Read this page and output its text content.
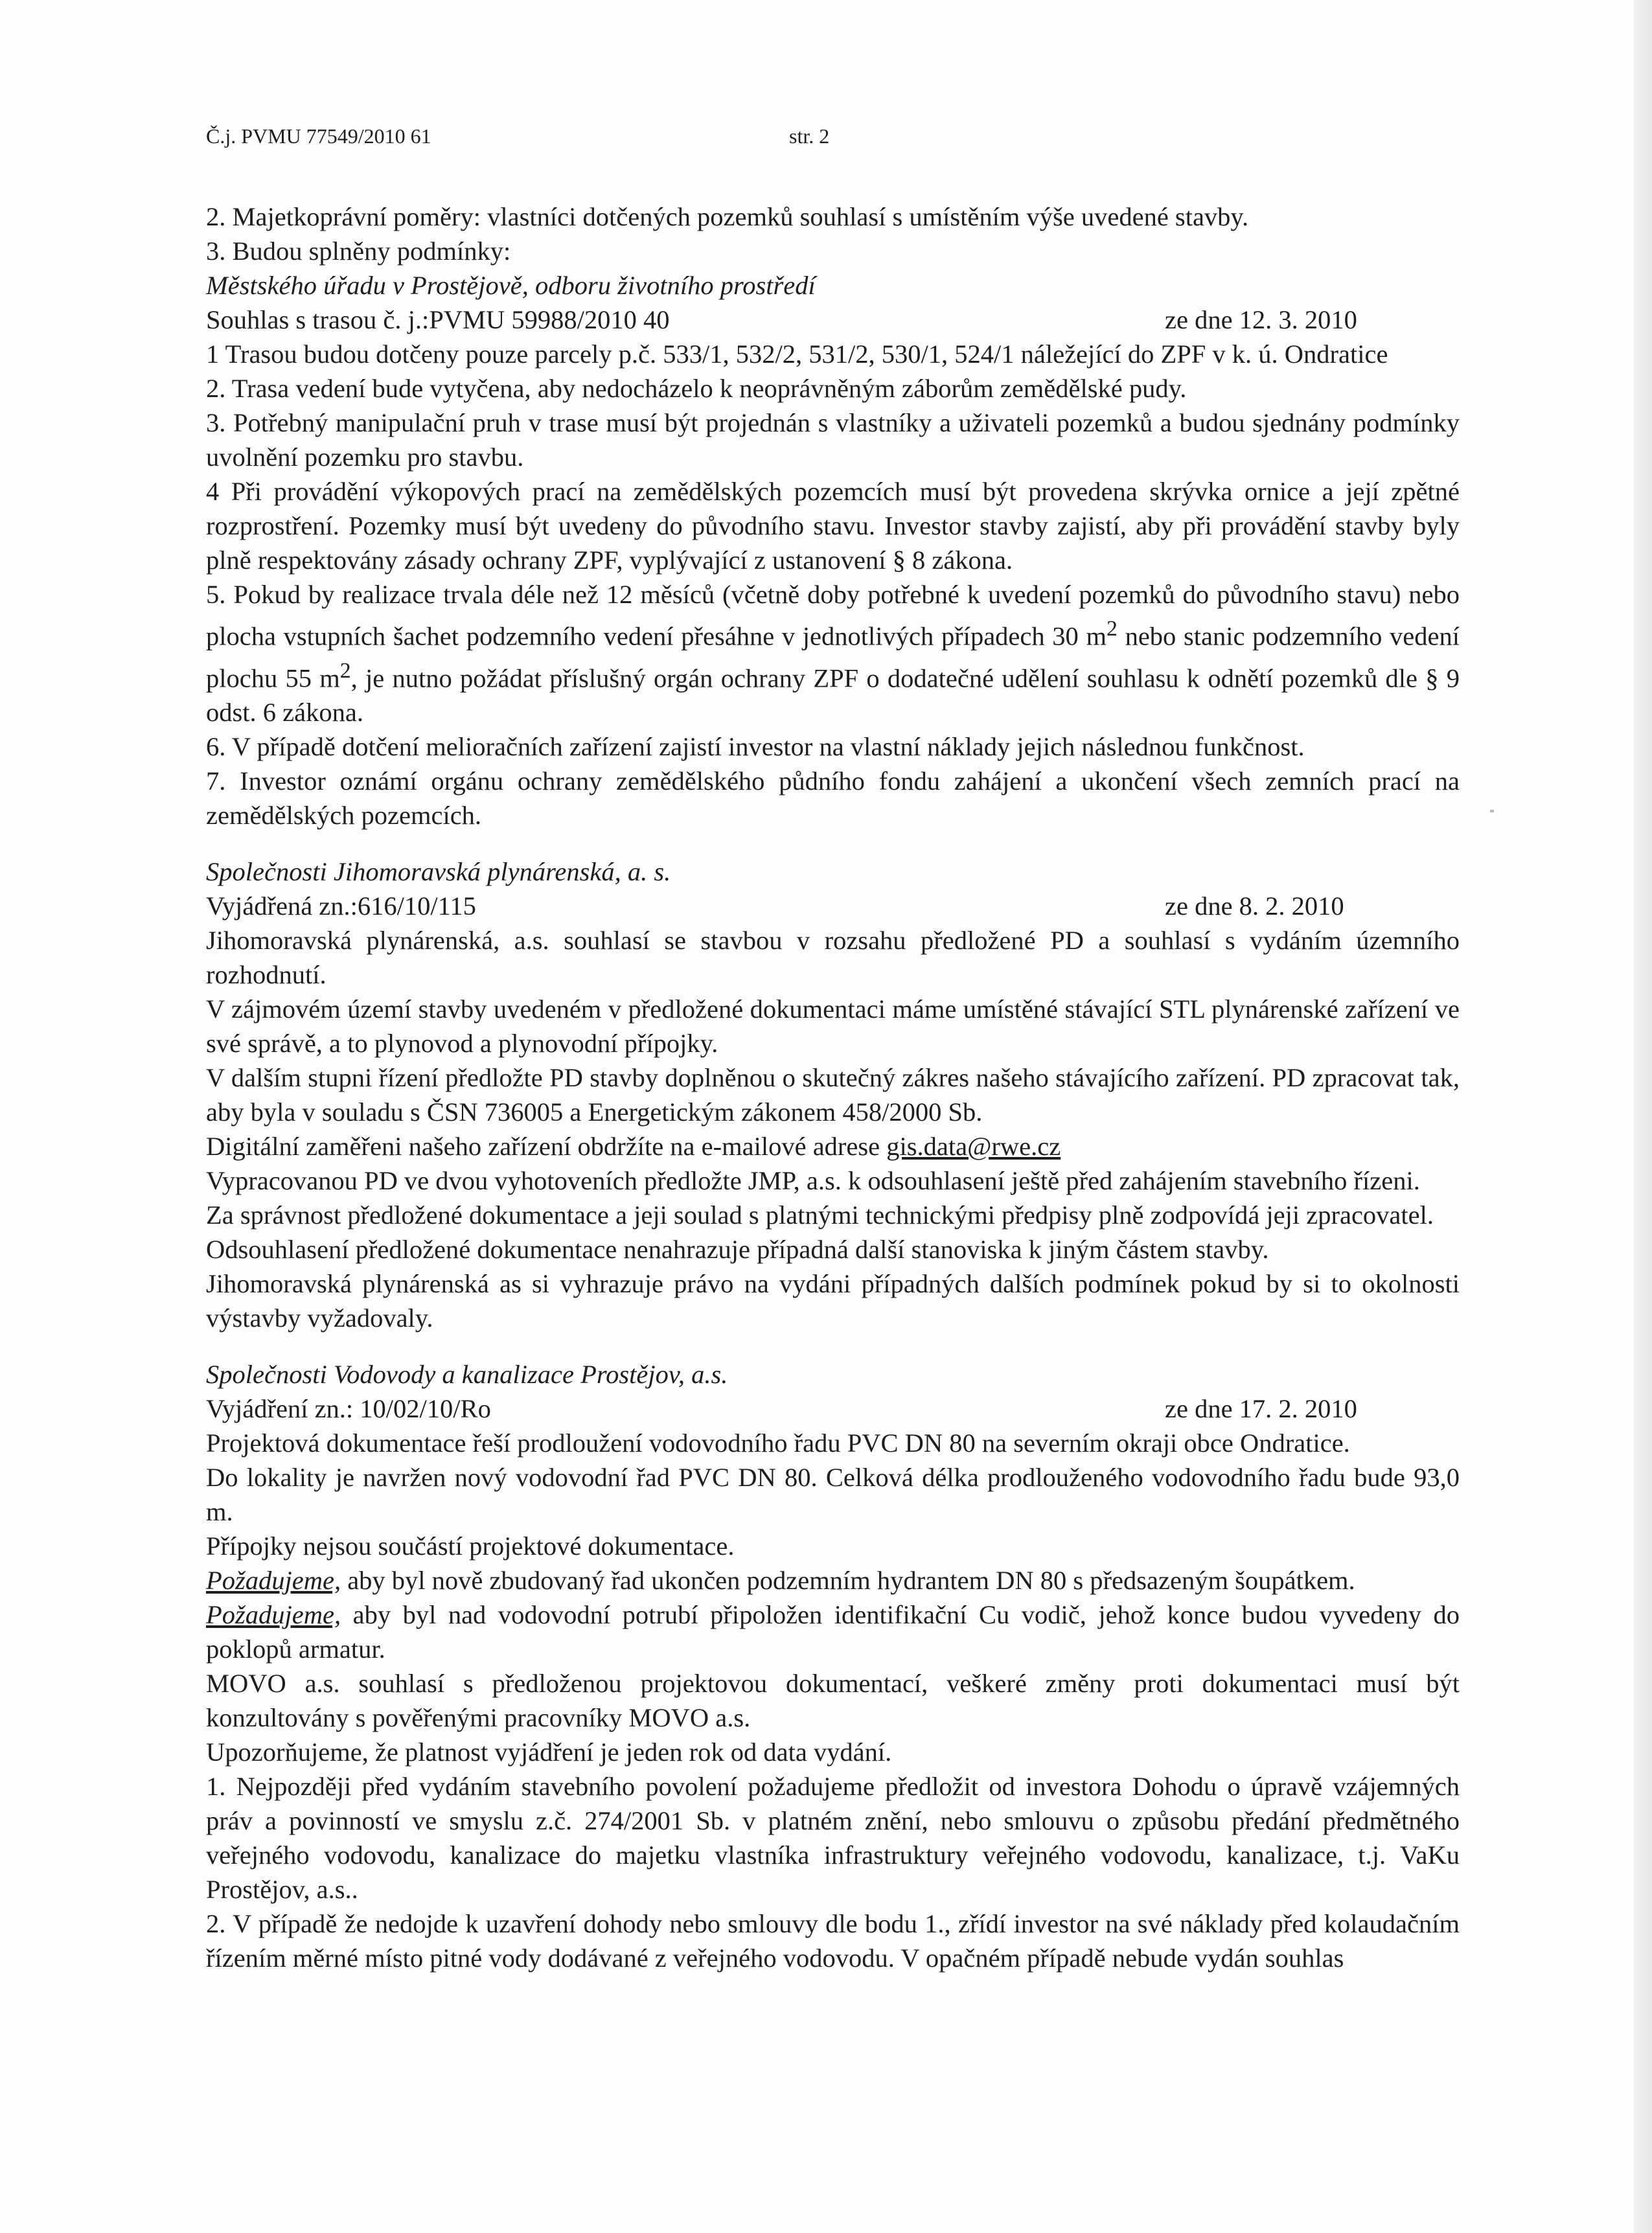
Č.j. PVMU 77549/2010 61	str. 2

2. Majetkoprávní poměry: vlastníci dotčených pozemků souhlasí s umístěním výše uvedené stavby.

3. Budou splněny podmínky:

Městského úřadu v Prostějově, odboru životního prostředí

Souhlas s trasou č. j.:PVMU 59988/2010 40	ze dne 12. 3. 2010

1 Trasou budou dotčeny pouze parcely p.č. 533/1, 532/2, 531/2, 530/1, 524/1 náležející do ZPF v k. ú. Ondratice

2. Trasa vedení bude vytyčena, aby nedocházelo k neoprávněným záborům zemědělské pudy.

3. Potřebný manipulační pruh v trase musí být projednán s vlastníky a uživateli pozemků a budou sjednány podmínky uvolnění pozemku pro stavbu.

4 Při provádění výkopových prací na zemědělských pozemcích musí být provedena skrývka ornice a její zpětné rozprostření. Pozemky musí být uvedeny do původního stavu. Investor stavby zajistí, aby při provádění stavby byly plně respektovány zásady ochrany ZPF, vyplývající z ustanovení § 8 zákona.

5. Pokud by realizace trvala déle než 12 měsíců (včetně doby potřebné k uvedení pozemků do původního stavu) nebo plocha vstupních šachet podzemního vedení přesáhne v jednotlivých případech 30 $m^2$ nebo stanic podzemního vedení plochu 55 $m^2$, je nutno požádat příslušný orgán ochrany ZPF o dodatečné udělení souhlasu k odnětí pozemků dle § 9 odst. 6 zákona.

6. V případě dotčení melioračních zařízení zajistí investor na vlastní náklady jejich následnou funkčnost.

7. Investor oznámí orgánu ochrany zemědělského půdního fondu zahájení a ukončení všech zemních prací na zemědělských pozemcích.

Společnosti Jihomoravská plynárenská, a. s.

Vyjádřená zn.:616/10/115	ze dne 8. 2. 2010

Jihomoravská plynárenská, a.s. souhlasí se stavbou v rozsahu předložené PD a souhlasí s vydáním územního rozhodnutí.

V zájmovém území stavby uvedeném v předložené dokumentaci máme umístěné stávající STL plynárenské zařízení ve své správě, a to plynovod a plynovodní přípojky.

V dalším stupni řízení předložte PD stavby doplněnou o skutečný zákres našeho stávajícího zařízení. PD zpracovat tak, aby byla v souladu s ČSN 736005 a Energetickým zákonem 458/2000 Sb.

Digitální zaměřeni našeho zařízení obdržíte na e-mailové adrese gis.data@rwe.cz

Vypracovanou PD ve dvou vyhotoveních předložte JMP, a.s. k odsouhlasení ještě před zahájením stavebního řízeni.

Za správnost předložené dokumentace a jeji soulad s platnými technickými předpisy plně zodpovídá jeji zpracovatel.

Odsouhlasení předložené dokumentace nenahrazuje případná další stanoviska k jiným částem stavby.

Jihomoravská plynárenská as si vyhrazuje právo na vydáni případných dalších podmínek pokud by si to okolnosti výstavby vyžadovaly.

Společnosti Vodovody a kanalizace Prostějov, a.s.

Vyjádření zn.: 10/02/10/Ro	ze dne 17. 2. 2010

Projektová dokumentace řeší prodloužení vodovodního řadu PVC DN 80 na severním okraji obce Ondratice.

Do lokality je navržen nový vodovodní řad PVC DN 80. Celková délka prodlouženého vodovodního řadu bude 93,0 m.

Přípojky nejsou součástí projektové dokumentace.

Požadujeme, aby byl nově zbudovaný řad ukončen podzemním hydrantem DN 80 s předsazeným šoupátkem.

Požadujeme, aby byl nad vodovodní potrubí připoložen identifikační Cu vodič, jehož konce budou vyvedeny do poklopů armatur.

MOVO a.s. souhlasí s předloženou projektovou dokumentací, veškeré změny proti dokumentaci musí být konzultovány s pověřenými pracovníky MOVO a.s.

Upozorňujeme, že platnost vyjádření je jeden rok od data vydání.

1. Nejpozději před vydáním stavebního povolení požadujeme předložit od investora Dohodu o úpravě vzájemných práv a povinností ve smyslu z.č. 274/2001 Sb. v platném znění, nebo smlouvu o způsobu předání předmětného veřejného vodovodu, kanalizace do majetku vlastníka infrastruktury veřejného vodovodu, kanalizace, t.j. VaKu Prostějov, a.s..

2. V případě že nedojde k uzavření dohody nebo smlouvy dle bodu 1., zřídí investor na své náklady před kolaudačním řízením měrné místo pitné vody dodávané z veřejného vodovodu. V opačném případě nebude vydán souhlas
